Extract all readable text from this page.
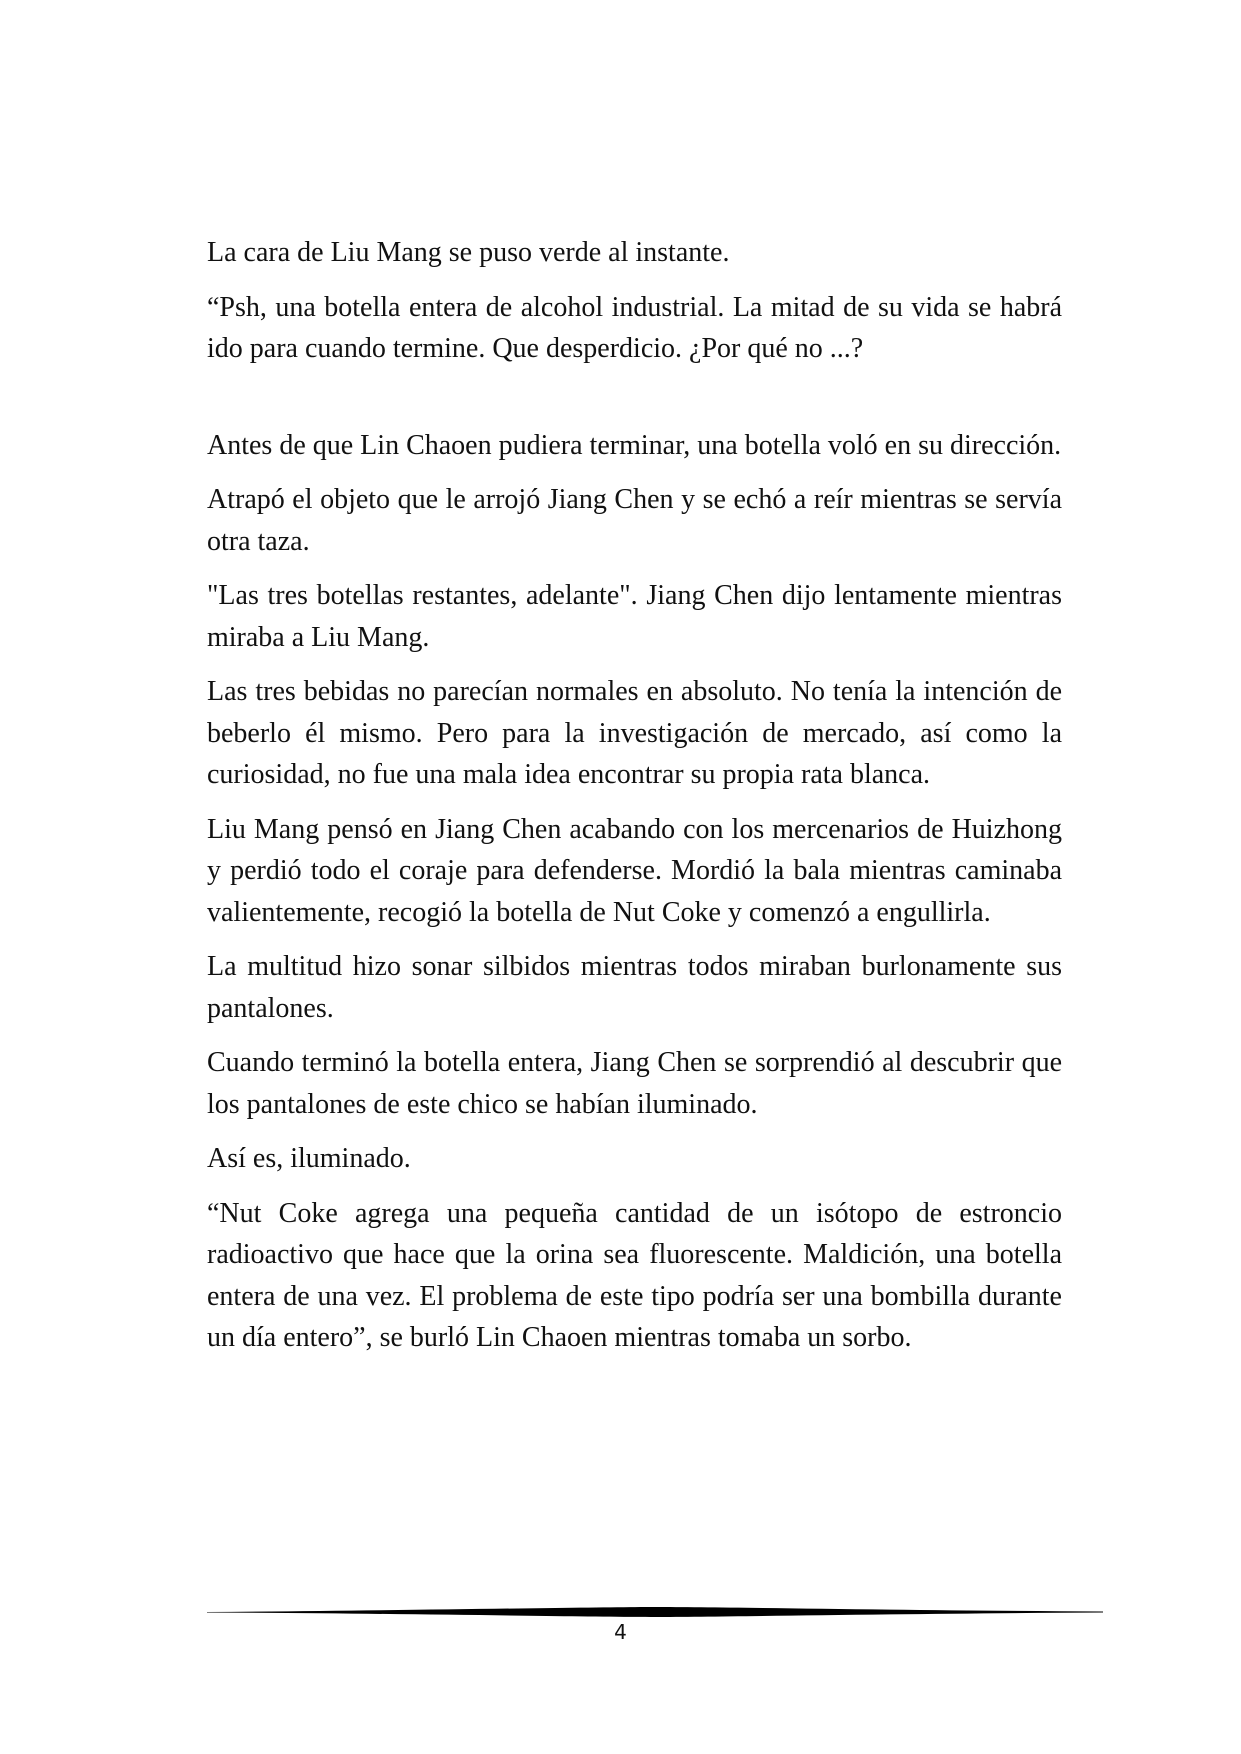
La cara de Liu Mang se puso verde al instante.

“Psh, una botella entera de alcohol industrial. La mitad de su vida se habrá ido para cuando termine. Que desperdicio. ¿Por qué no ...?

Antes de que Lin Chaoen pudiera terminar, una botella voló en su dirección.

Atrapó el objeto que le arrojó Jiang Chen y se echó a reír mientras se servía otra taza.

"Las tres botellas restantes, adelante". Jiang Chen dijo lentamente mientras miraba a Liu Mang.

Las tres bebidas no parecían normales en absoluto. No tenía la intención de beberlo él mismo. Pero para la investigación de mercado, así como la curiosidad, no fue una mala idea encontrar su propia rata blanca.

Liu Mang pensó en Jiang Chen acabando con los mercenarios de Huizhong y perdió todo el coraje para defenderse. Mordió la bala mientras caminaba valientemente, recogió la botella de Nut Coke y comenzó a engullirla.

La multitud hizo sonar silbidos mientras todos miraban burlonamente sus pantalones.

Cuando terminó la botella entera, Jiang Chen se sorprendió al descubrir que los pantalones de este chico se habían iluminado.

Así es, iluminado.

“Nut Coke agrega una pequeña cantidad de un isótopo de estroncio radioactivo que hace que la orina sea fluorescente. Maldición, una botella entera de una vez. El problema de este tipo podría ser una bombilla durante un día entero”, se burló Lin Chaoen mientras tomaba un sorbo.

4
